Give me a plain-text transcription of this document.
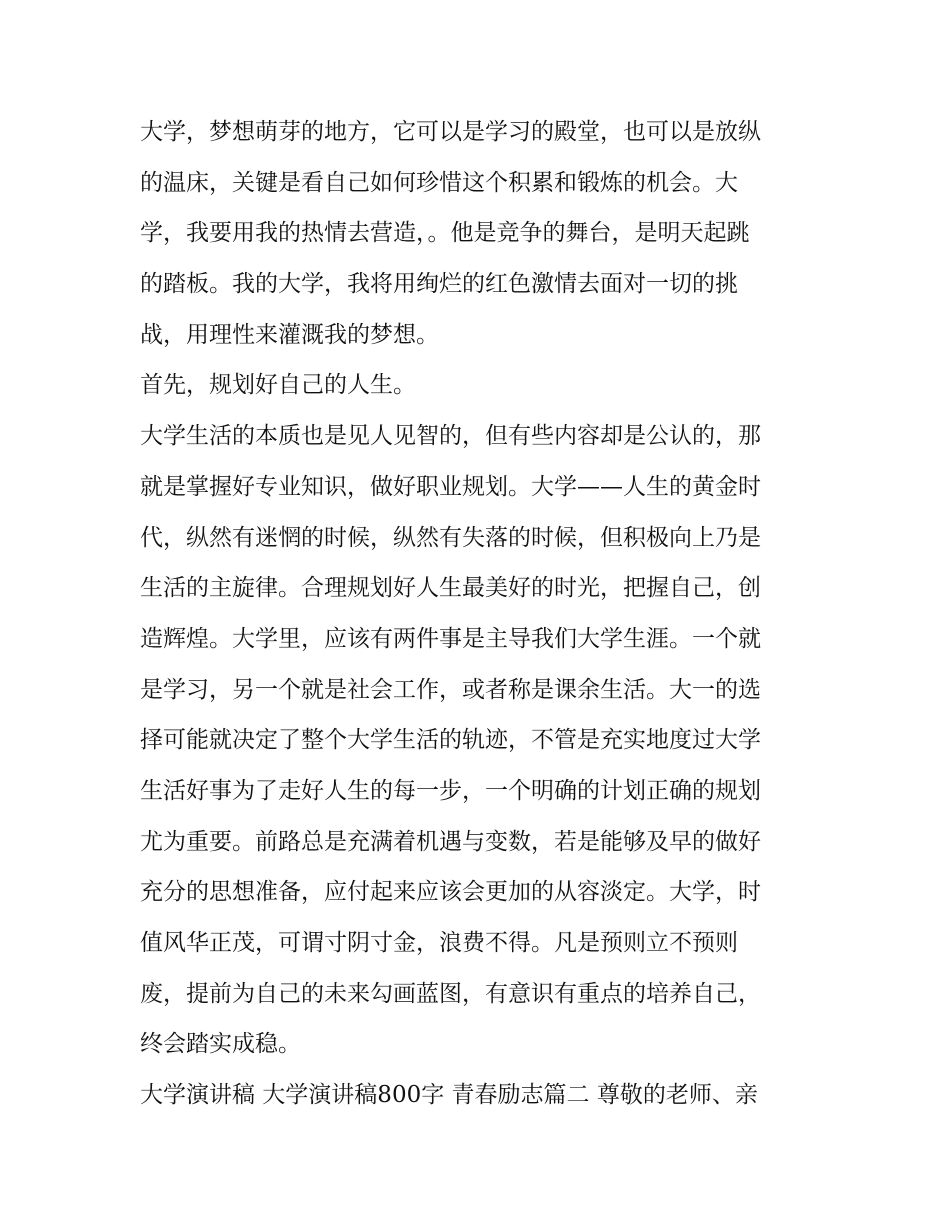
大学，梦想萌芽的地方，它可以是学习的殿堂，也可以是放纵
的温床，关键是看自己如何珍惜这个积累和锻炼的机会。大
学，我要用我的热情去营造，。他是竞争的舞台，是明天起跳
的踏板。我的大学，我将用绚烂的红色激情去面对一切的挑
战，用理性来灌溉我的梦想。
首先，规划好自己的人生。
大学生活的本质也是见人见智的，但有些内容却是公认的，那
就是掌握好专业知识，做好职业规划。大学——人生的黄金时
代，纵然有迷惘的时候，纵然有失落的时候，但积极向上乃是
生活的主旋律。合理规划好人生最美好的时光，把握自己，创
造辉煌。大学里，应该有两件事是主导我们大学生涯。一个就
是学习，另一个就是社会工作，或者称是课余生活。大一的选
择可能就决定了整个大学生活的轨迹，不管是充实地度过大学
生活好事为了走好人生的每一步，一个明确的计划正确的规划
尤为重要。前路总是充满着机遇与变数，若是能够及早的做好
充分的思想准备，应付起来应该会更加的从容淡定。大学，时
值风华正茂，可谓寸阴寸金，浪费不得。凡是预则立不预则
废，提前为自己的未来勾画蓝图，有意识有重点的培养自己，
终会踏实成稳。
大学演讲稿 大学演讲稿800字 青春励志篇二 尊敬的老师、亲
